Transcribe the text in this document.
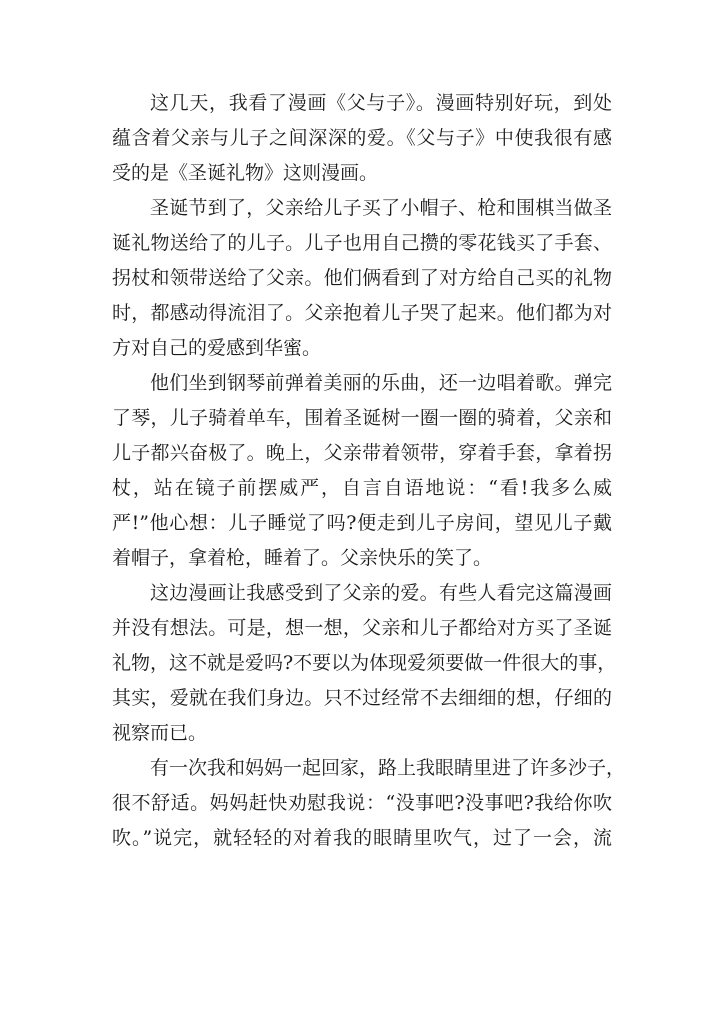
这几天，我看了漫画《父与子》。漫画特别好玩，到处
蕴含着父亲与儿子之间深深的爱。《父与子》中使我很有感
受的是《圣诞礼物》这则漫画。

圣诞节到了，父亲给儿子买了小帽子、枪和围棋当做圣
诞礼物送给了的儿子。儿子也用自己攒的零花钱买了手套、
拐杖和领带送给了父亲。他们俩看到了对方给自己买的礼物
时，都感动得流泪了。父亲抱着儿子哭了起来。他们都为对
方对自己的爱感到华蜜。

他们坐到钢琴前弹着美丽的乐曲，还一边唱着歌。弹完
了琴，儿子骑着单车，围着圣诞树一圈一圈的骑着，父亲和
儿子都兴奋极了。晚上，父亲带着领带，穿着手套，拿着拐
杖，站在镜子前摆威严，自言自语地说：“看!我多么威
严!”他心想：儿子睡觉了吗?便走到儿子房间，望见儿子戴
着帽子，拿着枪，睡着了。父亲快乐的笑了。

这边漫画让我感受到了父亲的爱。有些人看完这篇漫画
并没有想法。可是，想一想，父亲和儿子都给对方买了圣诞
礼物，这不就是爱吗?不要以为体现爱须要做一件很大的事，
其实，爱就在我们身边。只不过经常不去细细的想，仔细的
视察而已。

有一次我和妈妈一起回家，路上我眼睛里进了许多沙子，
很不舒适。妈妈赶快劝慰我说：“没事吧?没事吧?我给你吹
吹。”说完，就轻轻的对着我的眼睛里吹气，过了一会，流
